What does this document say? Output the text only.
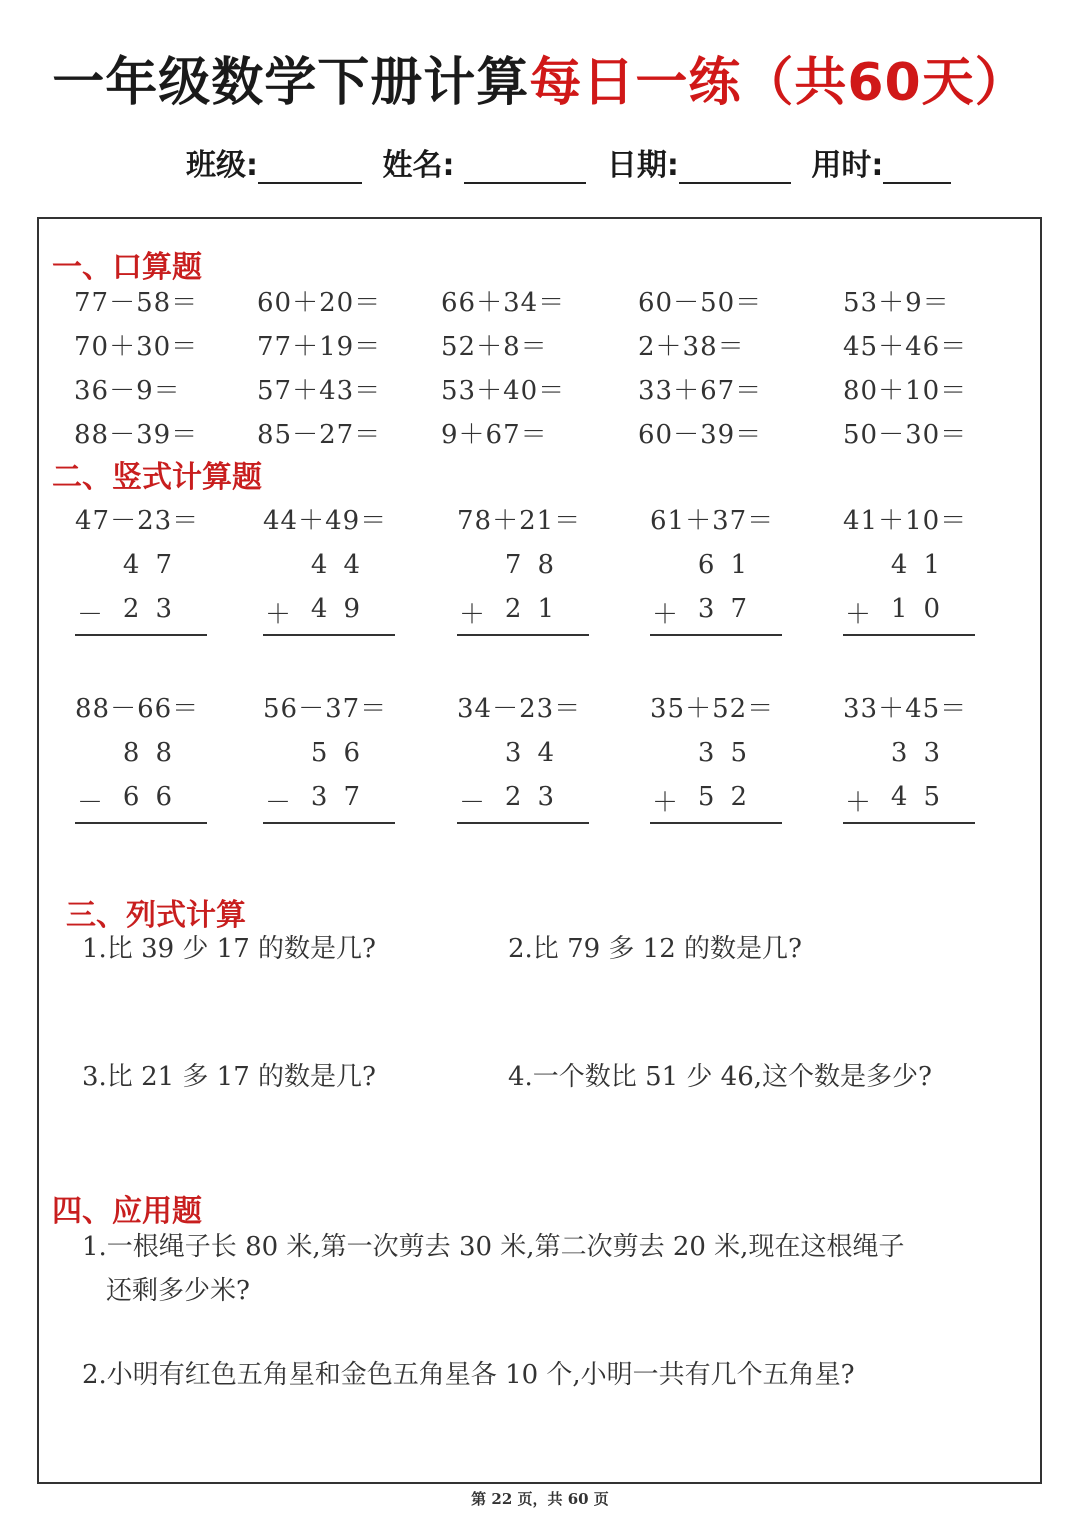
一年级数学下册计算每日一练（共60天）
班级:	姓名:	日期:	用时:
一、口算题
77－58＝ 60＋20＝ 66＋34＝	60－50＝	53＋9＝
70＋30＝ 77＋19＝ 52＋8＝	2＋38＝	45＋46＝
36－9＝	57＋43＝ 53＋40＝	33＋67＝	80＋10＝
88－39＝ 85－27＝ 9＋67＝	60－39＝	50－30＝
二、竖式计算题
47－23＝
47
－ 23
44＋49＝
44
＋ 49
78＋21＝
78
＋ 21
61＋37＝
61
＋ 37
41＋10＝
41
＋ 10
88－66＝
88
－ 66
56－37＝
56
－ 37
34－23＝
34
－ 23
35＋52＝
35
＋ 52
33＋45＝
33
＋ 45
三、列式计算
1.比 39 少 17 的数是几?	2.比 79 多 12 的数是几?
3.比 21 多 17 的数是几?	4.一个数比 51 少 46,这个数是多少?
四、应用题
1.一根绳子长 80 米,第一次剪去 30 米,第二次剪去 20 米,现在这根绳子
还剩多少米?
2.小明有红色五角星和金色五角星各 10 个,小明一共有几个五角星?
第 22 页，共 60 页
